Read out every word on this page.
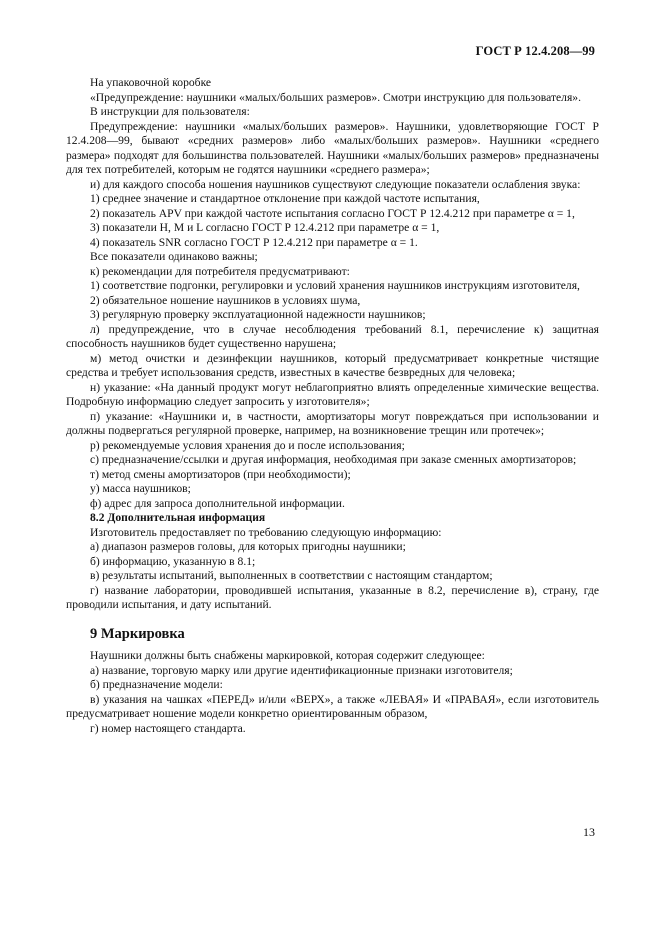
ГОСТ Р 12.4.208—99

На упаковочной коробке

«Предупреждение: наушники «малых/больших размеров». Смотри инструкцию для пользователя».

В инструкции для пользователя:

Предупреждение: наушники «малых/больших размеров». Наушники, удовлетворяющие ГОСТ Р 12.4.208—99, бывают «средних размеров» либо «малых/больших размеров». Наушники «среднего размера» подходят для большинства пользователей. Наушники «малых/больших размеров» предназначены для тех потребителей, которым не годятся наушники «среднего размера»;

и) для каждого способа ношения наушников существуют следующие показатели ослабления звука:

1) среднее значение и стандартное отклонение при каждой частоте испытания,

2) показатель APV при каждой частоте испытания согласно ГОСТ Р 12.4.212 при параметре α = 1,

3) показатели H, M и L согласно ГОСТ Р 12.4.212 при параметре α = 1,

4) показатель SNR согласно ГОСТ Р 12.4.212 при параметре α = 1.

Все показатели одинаково важны;

к) рекомендации для потребителя предусматривают:

1) соответствие подгонки, регулировки и условий хранения наушников инструкциям изготовителя,

2) обязательное ношение наушников в условиях шума,

3) регулярную проверку эксплуатационной надежности наушников;

л) предупреждение, что в случае несоблюдения требований 8.1, перечисление к) защитная способность наушников будет существенно нарушена;

м) метод очистки и дезинфекции наушников, который предусматривает конкретные чистящие средства и требует использования средств, известных в качестве безвредных для человека;

н) указание: «На данный продукт могут неблагоприятно влиять определенные химические вещества. Подробную информацию следует запросить у изготовителя»;

п) указание: «Наушники и, в частности, амортизаторы могут повреждаться при использовании и должны подвергаться регулярной проверке, например, на возникновение трещин или протечек»;

р) рекомендуемые условия хранения до и после использования;

с) предназначение/ссылки и другая информация, необходимая при заказе сменных амортизаторов;

т) метод смены амортизаторов (при необходимости);

у) масса наушников;

ф) адрес для запроса дополнительной информации.

8.2 Дополнительная информация

Изготовитель предоставляет по требованию следующую информацию:

а) диапазон размеров головы, для которых пригодны наушники;

б) информацию, указанную в 8.1;

в) результаты испытаний, выполненных в соответствии с настоящим стандартом;

г) название лаборатории, проводившей испытания, указанные в 8.2, перечисление в), страну, где проводили испытания, и дату испытаний.

9 Маркировка

Наушники должны быть снабжены маркировкой, которая содержит следующее:

а) название, торговую марку или другие идентификационные признаки изготовителя;

б) предназначение модели:

в) указания на чашках «ПЕРЕД» и/или «ВЕРХ», а также «ЛЕВАЯ» И «ПРАВАЯ», если изготовитель предусматривает ношение модели конкретно ориентированным образом,

г) номер настоящего стандарта.

13
